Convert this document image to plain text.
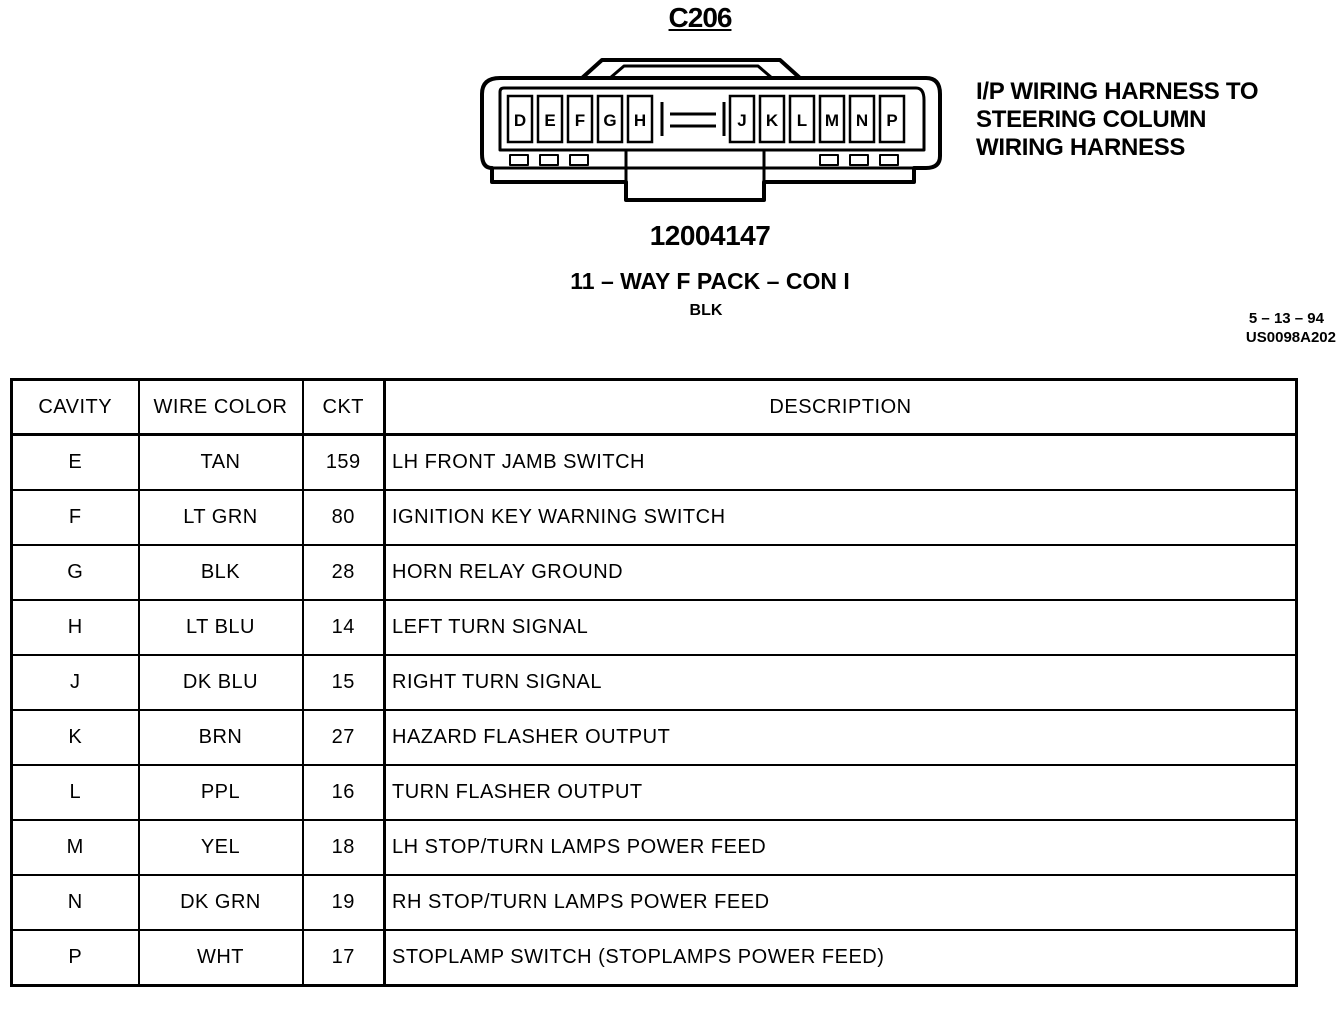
C206
D E F G H	J K L M N P
I/P WIRING HARNESS TO
STEERING COLUMN
WIRING HARNESS
12004147
11 – WAY F PACK – CON I
BLK	5 – 13 – 94
US0098A202
CAVITY	WIRE COLOR	CKT	DESCRIPTION
E	TAN	159	LH FRONT JAMB SWITCH
F	LT GRN	80	IGNITION KEY WARNING SWITCH
G	BLK	28	HORN RELAY GROUND
H	LT BLU	14	LEFT TURN SIGNAL
J	DK BLU	15	RIGHT TURN SIGNAL
K	BRN	27	HAZARD FLASHER OUTPUT
L	PPL	16	TURN FLASHER OUTPUT
M	YEL	18	LH STOP/TURN LAMPS POWER FEED
N	DK GRN	19	RH STOP/TURN LAMPS POWER FEED
P	WHT	17	STOPLAMP SWITCH (STOPLAMPS POWER FEED)
